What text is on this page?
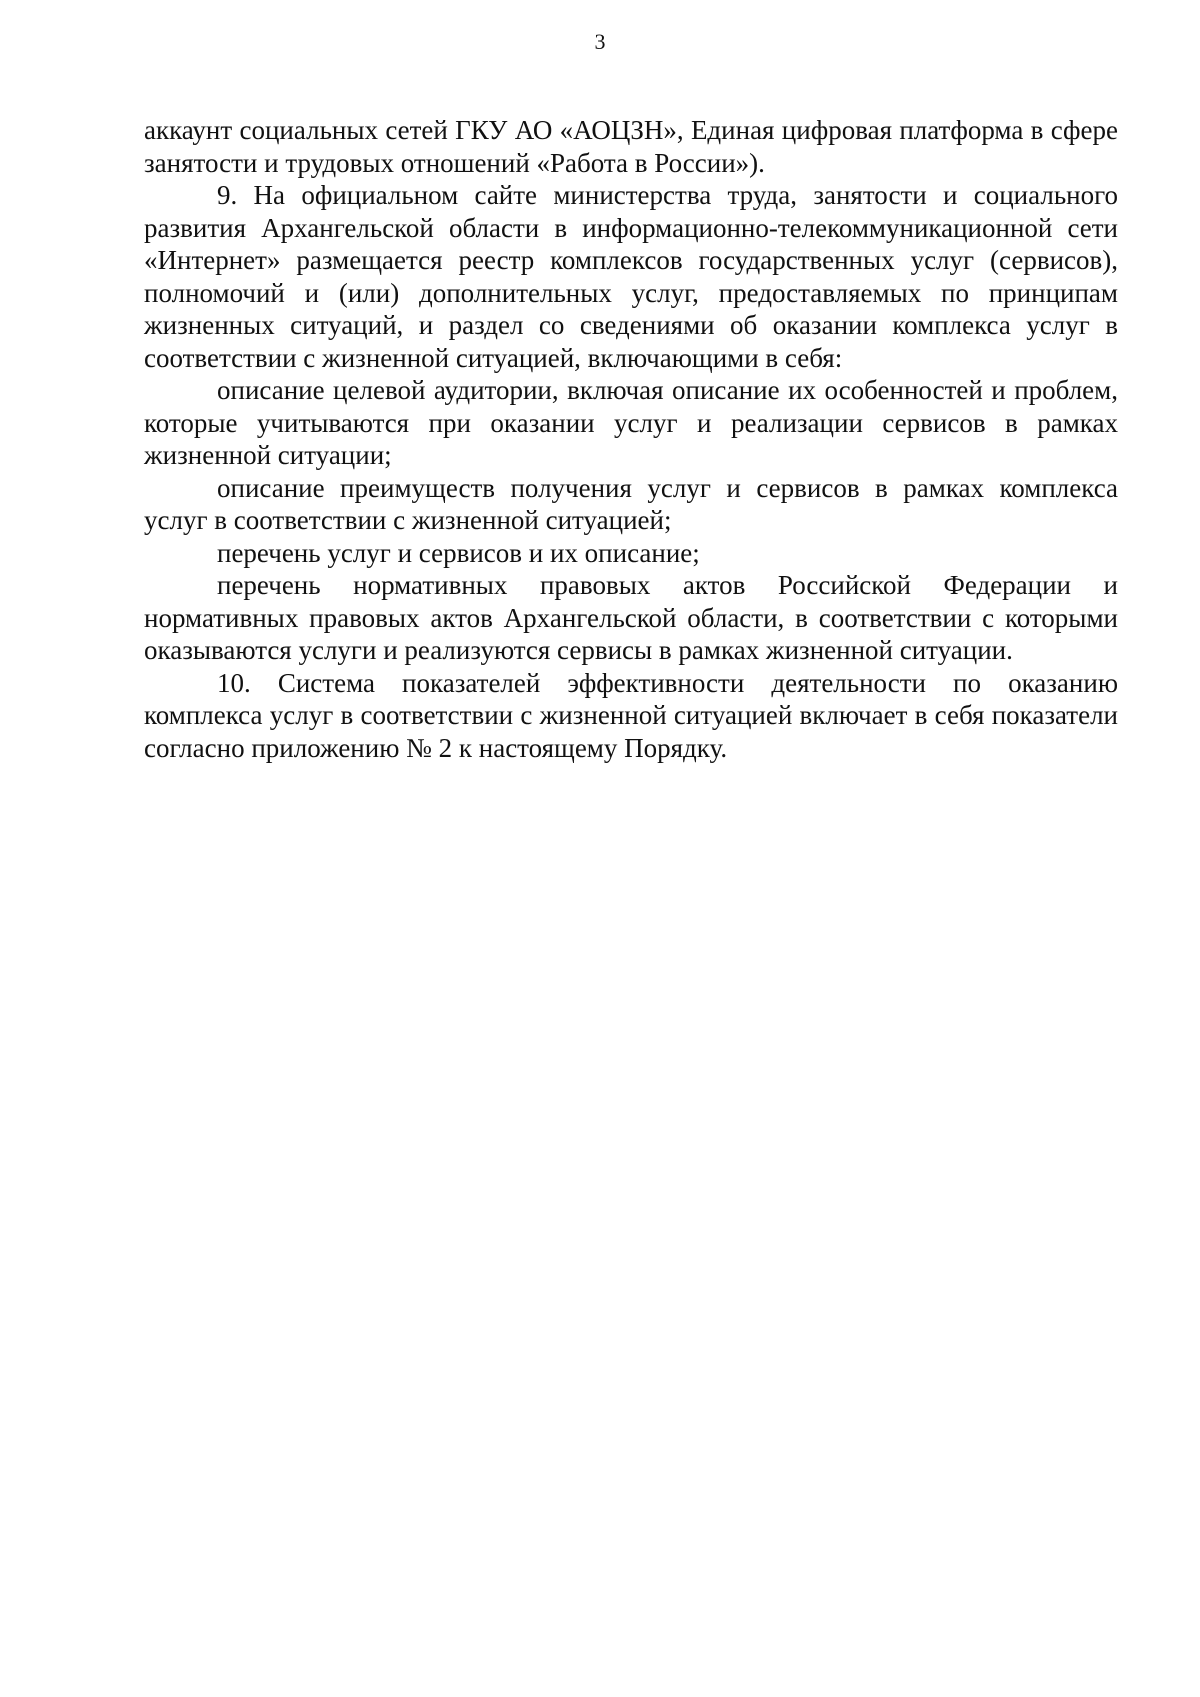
3

аккаунт социальных сетей ГКУ АО «АОЦЗН», Единая цифровая платформа в сфере занятости и трудовых отношений «Работа в России»).

9. На официальном сайте министерства труда, занятости и социального развития Архангельской области в информационно-телекоммуникационной сети «Интернет» размещается реестр комплексов государственных услуг (сервисов), полномочий и (или) дополнительных услуг, предоставляемых по принципам жизненных ситуаций, и раздел со сведениями об оказании комплекса услуг в соответствии с жизненной ситуацией, включающими в себя:

описание целевой аудитории, включая описание их особенностей и проблем, которые учитываются при оказании услуг и реализации сервисов в рамках жизненной ситуации;

описание преимуществ получения услуг и сервисов в рамках комплекса услуг в соответствии с жизненной ситуацией;

перечень услуг и сервисов и их описание;

перечень нормативных правовых актов Российской Федерации и нормативных правовых актов Архангельской области, в соответствии с которыми оказываются услуги и реализуются сервисы в рамках жизненной ситуации.

10. Система показателей эффективности деятельности по оказанию комплекса услуг в соответствии с жизненной ситуацией включает в себя показатели согласно приложению № 2 к настоящему Порядку.
